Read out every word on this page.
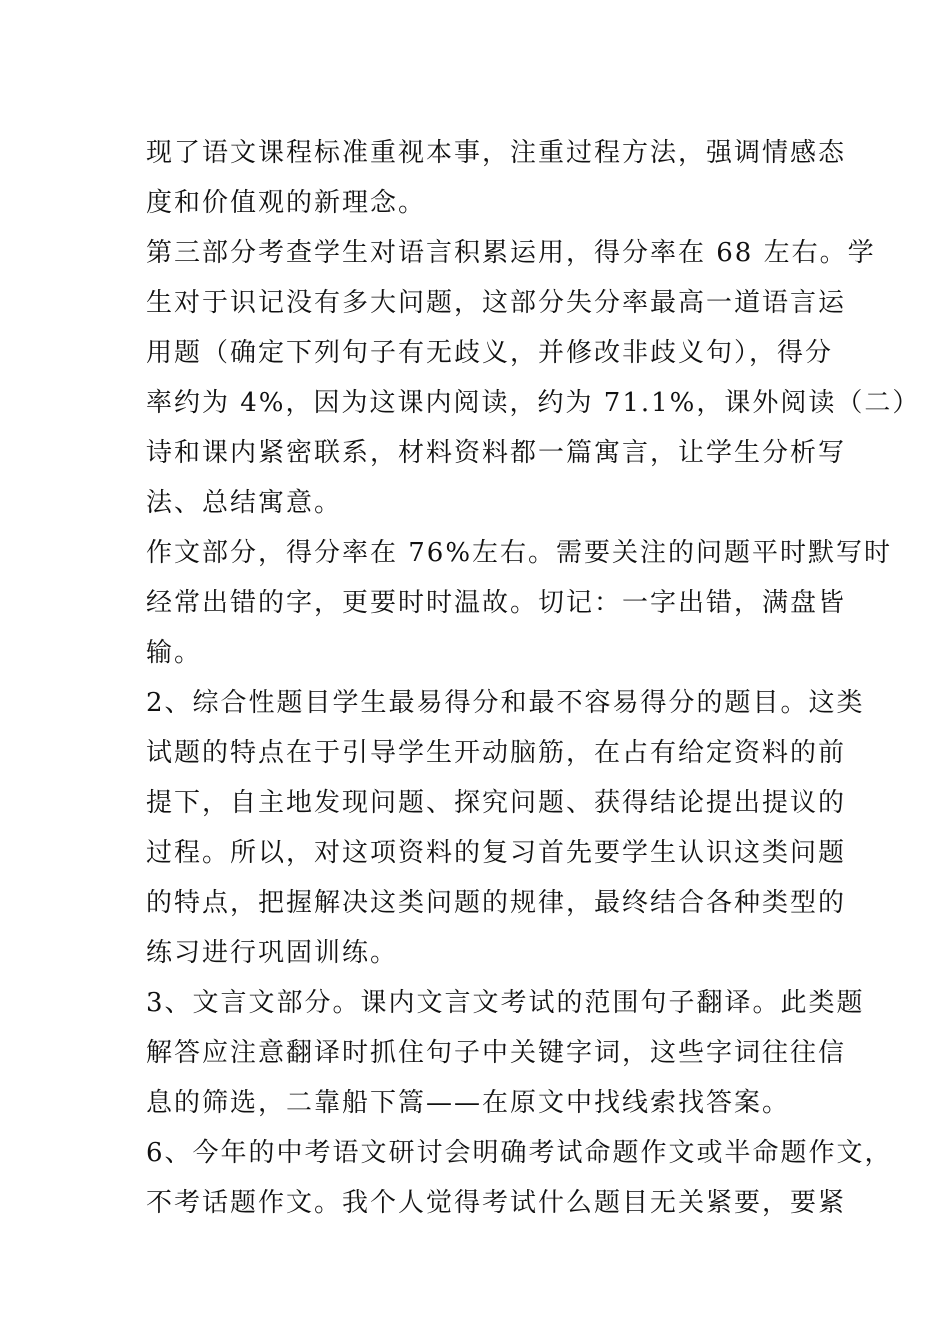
现了语文课程标准重视本事，注重过程方法，强调情感态
度和价值观的新理念。
第三部分考查学生对语言积累运用，得分率在 68 左右。学
生对于识记没有多大问题，这部分失分率最高一道语言运
用题（确定下列句子有无歧义，并修改非歧义句），得分
率约为 4%，因为这课内阅读，约为 71.1%，课外阅读（二）
诗和课内紧密联系，材料资料都一篇寓言，让学生分析写
法、总结寓意。
作文部分，得分率在 76%左右。需要关注的问题平时默写时
经常出错的字，更要时时温故。切记：一字出错，满盘皆
输。
2、综合性题目学生最易得分和最不容易得分的题目。这类
试题的特点在于引导学生开动脑筋，在占有给定资料的前
提下，自主地发现问题、探究问题、获得结论提出提议的
过程。所以，对这项资料的复习首先要学生认识这类问题
的特点，把握解决这类问题的规律，最终结合各种类型的
练习进行巩固训练。
3、文言文部分。课内文言文考试的范围句子翻译。此类题
解答应注意翻译时抓住句子中关键字词，这些字词往往信
息的筛选，二靠船下篙——在原文中找线索找答案。
6、今年的中考语文研讨会明确考试命题作文或半命题作文，
不考话题作文。我个人觉得考试什么题目无关紧要，要紧
